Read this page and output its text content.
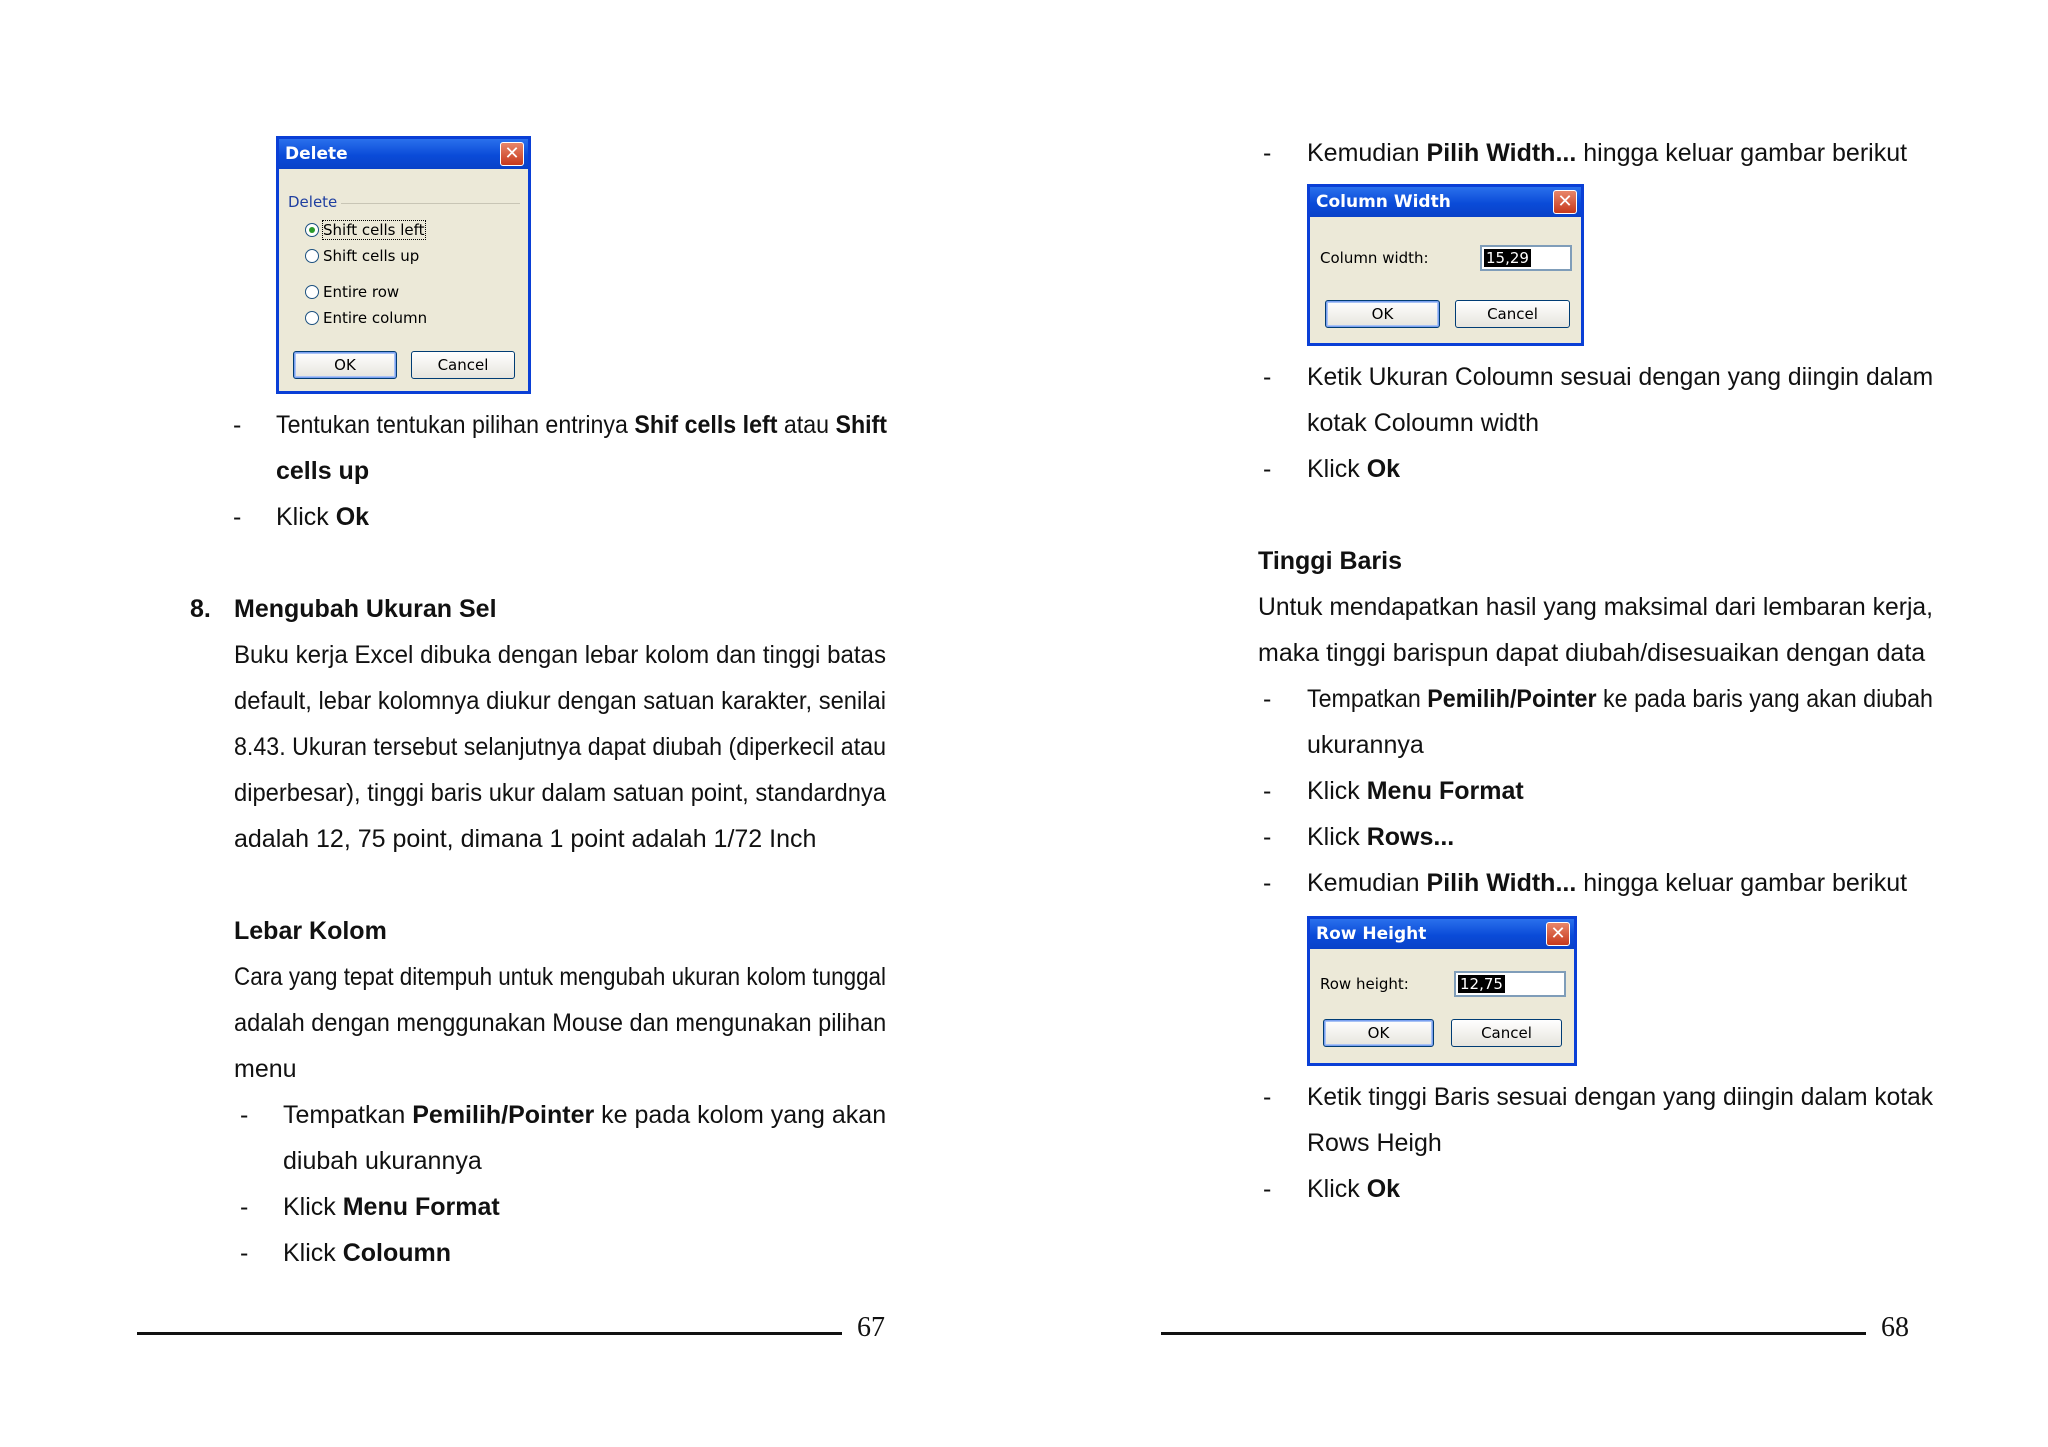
Delete	✕
Delete
Shift cells left
Shift cells up
Entire row
Entire column
OK	Cancel
- Tentukan tentukan pilihan entrinya Shif cells left atau Shift
cells up
- Klick Ok
8. Mengubah Ukuran Sel
Buku kerja Excel dibuka dengan lebar kolom dan tinggi batas
default, lebar kolomnya diukur dengan satuan karakter, senilai
8.43. Ukuran tersebut selanjutnya dapat diubah (diperkecil atau
diperbesar), tinggi baris ukur dalam satuan point, standardnya
adalah 12, 75 point, dimana 1 point adalah 1/72 Inch
Lebar Kolom
Cara yang tepat ditempuh untuk mengubah ukuran kolom tunggal
adalah dengan menggunakan Mouse dan mengunakan pilihan
menu
- Tempatkan Pemilih/Pointer ke pada kolom yang akan
diubah ukurannya
- Klick Menu Format
- Klick Coloumn
67
- Kemudian Pilih Width... hingga keluar gambar berikut
Column Width	✕
Column width:	15,29
OK	Cancel
- Ketik Ukuran Coloumn sesuai dengan yang diingin dalam
kotak Coloumn width
- Klick Ok
Tinggi Baris
Untuk mendapatkan hasil yang maksimal dari lembaran kerja,
maka tinggi barispun dapat diubah/disesuaikan dengan data
- Tempatkan Pemilih/Pointer ke pada baris yang akan diubah
ukurannya
- Klick Menu Format
- Klick Rows...
- Kemudian Pilih Width... hingga keluar gambar berikut
Row Height	✕
Row height:	12,75
OK	Cancel
- Ketik tinggi Baris sesuai dengan yang diingin dalam kotak
Rows Heigh
- Klick Ok
68
